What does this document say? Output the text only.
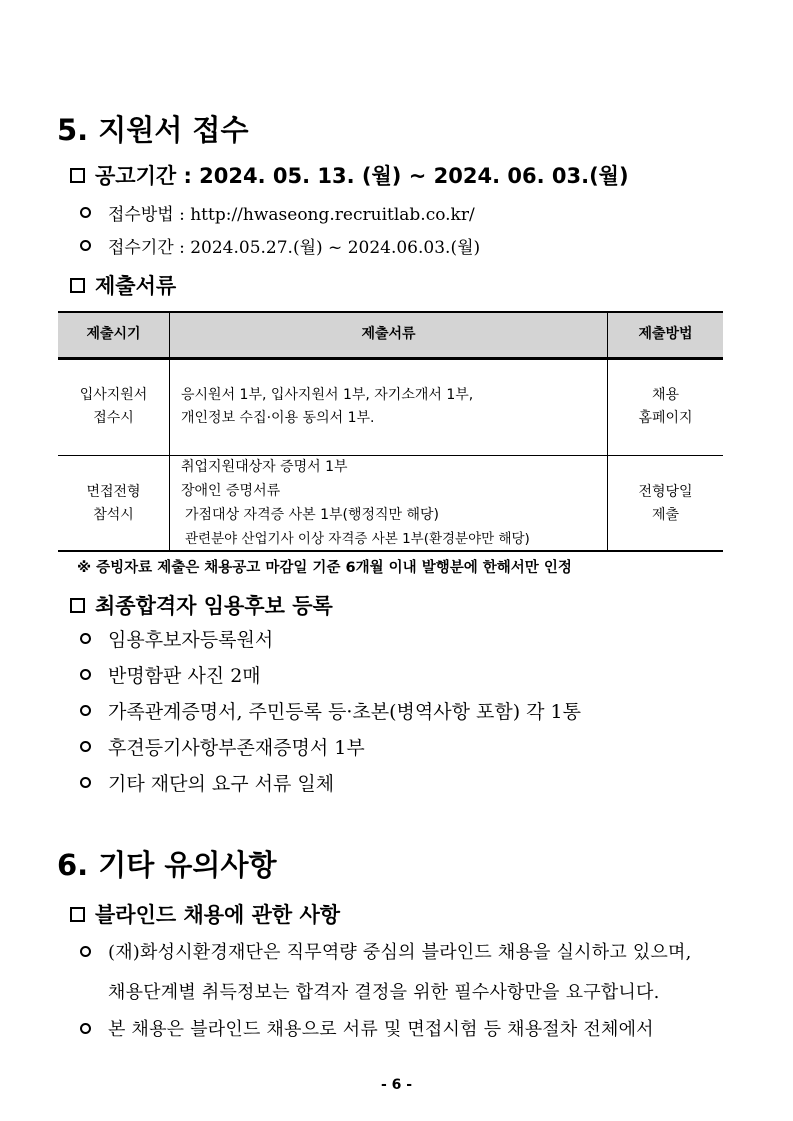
5. 지원서 접수
공고기간 : 2024. 05. 13. (월) ~ 2024. 06. 03.(월)
접수방법 : http://hwaseong.recruitlab.co.kr/
접수기간 : 2024.05.27.(월) ~ 2024.06.03.(월)
제출서류
제출시기	제출서류	제출방법
입사지원서
접수시
응시원서 1부, 입사지원서 1부, 자기소개서 1부,
개인정보 수집·이용 동의서 1부.
채용
홈페이지
면접전형
참석시
취업지원대상자 증명서 1부
장애인 증명서류
가점대상 자격증 사본 1부(행정직만 해당)
관련분야 산업기사 이상 자격증 사본 1부(환경분야만 해당)
전형당일
제출
※ 증빙자료 제출은 채용공고 마감일 기준 6개월 이내 발행분에 한해서만 인정
최종합격자 임용후보 등록
임용후보자등록원서
반명함판 사진 2매
가족관계증명서, 주민등록 등·초본(병역사항 포함) 각 1통
후견등기사항부존재증명서 1부
기타 재단의 요구 서류 일체
6. 기타 유의사항
블라인드 채용에 관한 사항
(재)화성시환경재단은 직무역량 중심의 블라인드 채용을 실시하고 있으며,
채용단계별 취득정보는 합격자 결정을 위한 필수사항만을 요구합니다.
본 채용은 블라인드 채용으로 서류 및 면접시험 등 채용절차 전체에서
- 6 -
